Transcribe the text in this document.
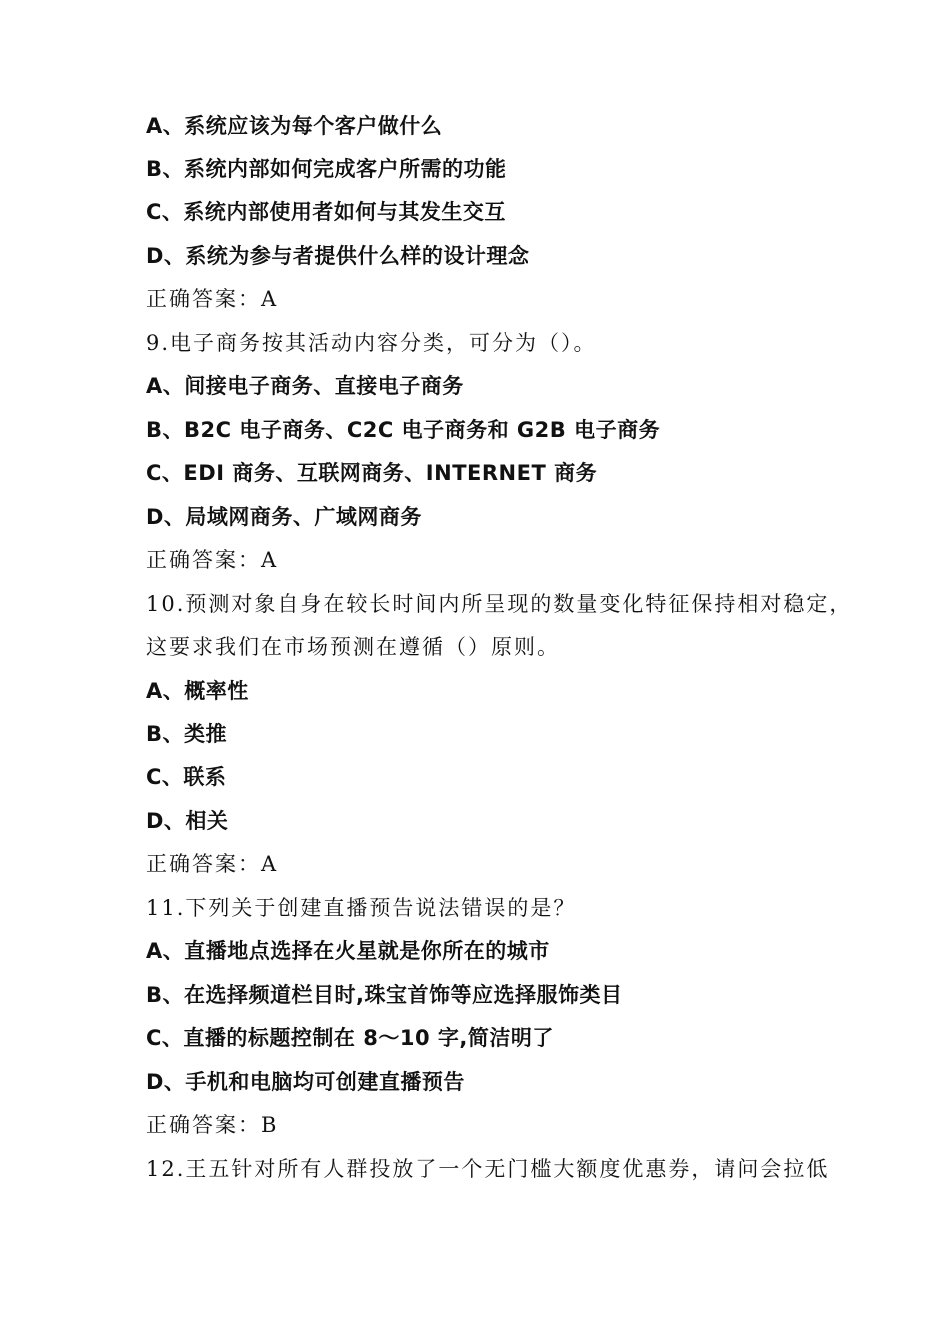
A、系统应该为每个客户做什么
B、系统内部如何完成客户所需的功能
C、系统内部使用者如何与其发生交互
D、系统为参与者提供什么样的设计理念
正确答案：A
9.电子商务按其活动内容分类，可分为（）。
A、间接电子商务、直接电子商务
B、B2C 电子商务、C2C 电子商务和 G2B 电子商务
C、EDI 商务、互联网商务、INTERNET 商务
D、局域网商务、广域网商务
正确答案：A
10.预测对象自身在较长时间内所呈现的数量变化特征保持相对稳定，
这要求我们在市场预测在遵循（）原则。
A、概率性
B、类推
C、联系
D、相关
正确答案：A
11.下列关于创建直播预告说法错误的是？
A、直播地点选择在火星就是你所在的城市
B、在选择频道栏目时,珠宝首饰等应选择服饰类目
C、直播的标题控制在 8～10 字,简洁明了
D、手机和电脑均可创建直播预告
正确答案：B
12.王五针对所有人群投放了一个无门槛大额度优惠券，请问会拉低
